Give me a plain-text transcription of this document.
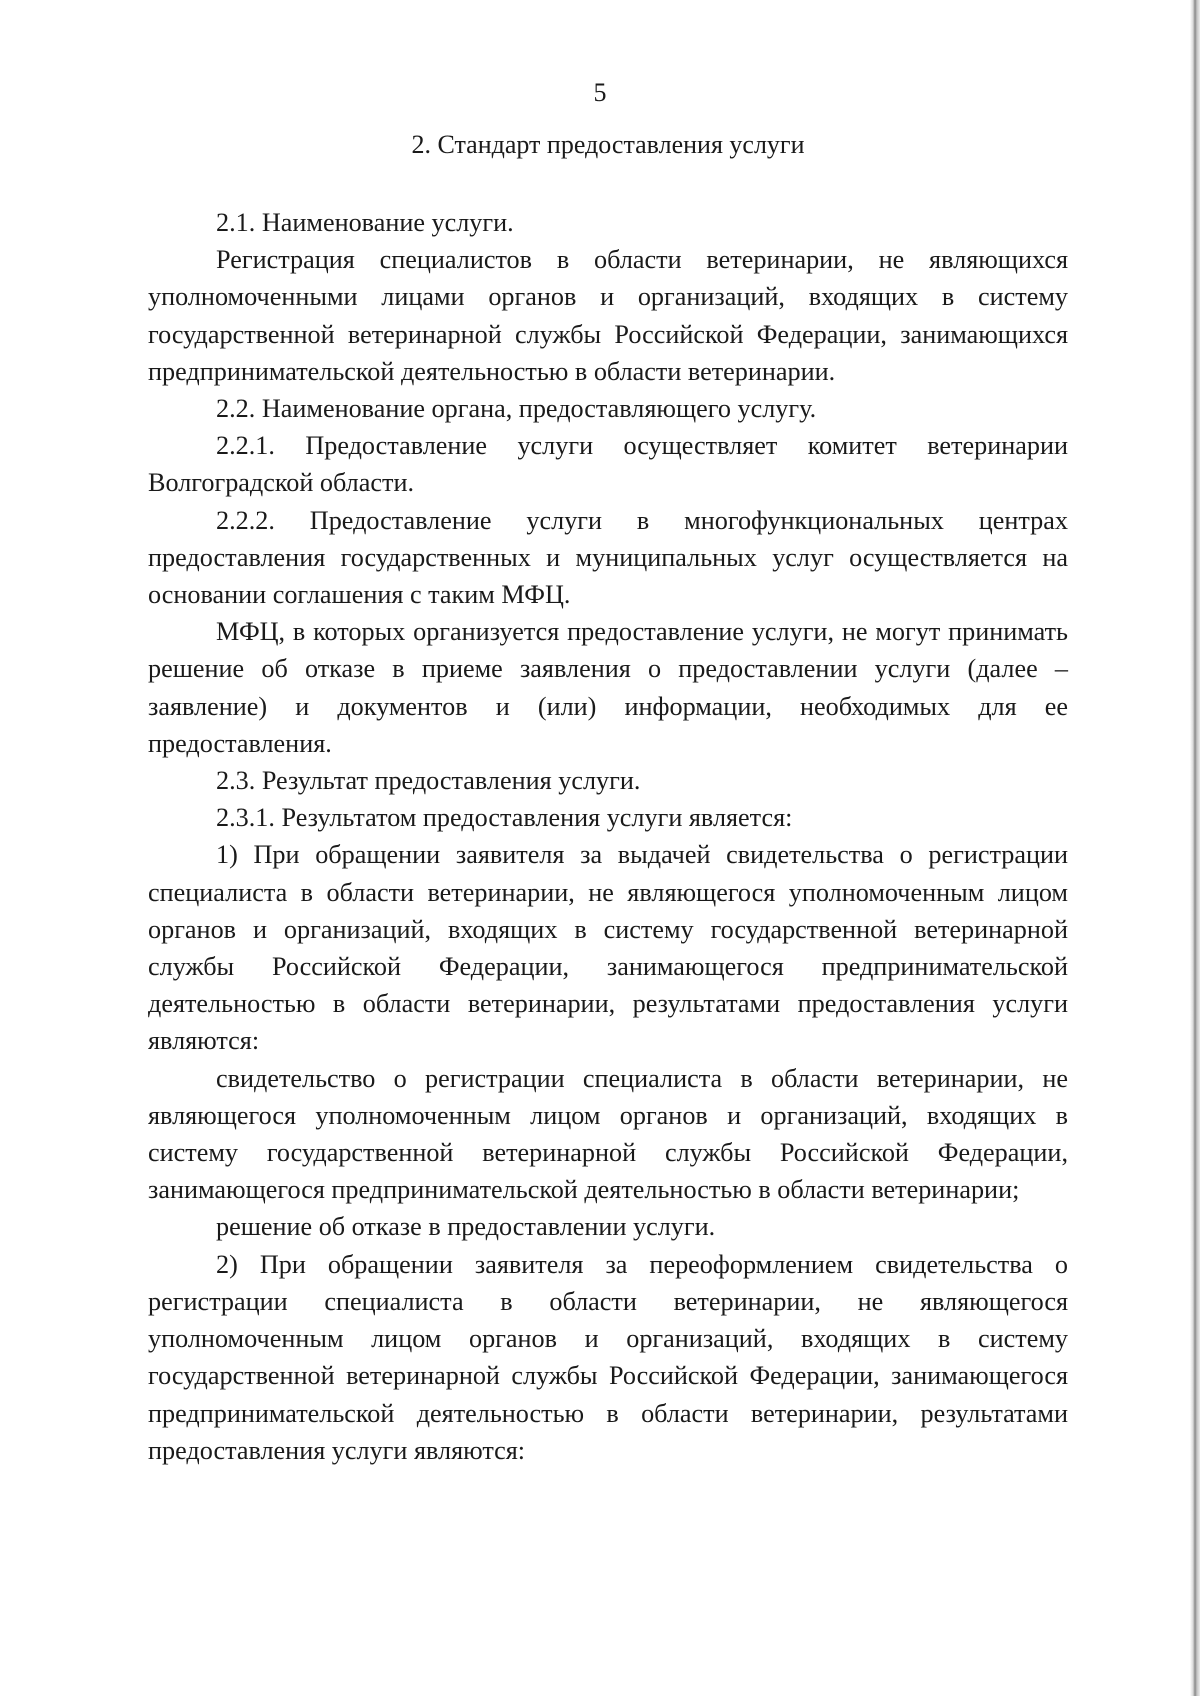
5
2. Стандарт предоставления услуги

2.1. Наименование услуги.

Регистрация специалистов в области ветеринарии, не являющихся уполномоченными лицами органов и организаций, входящих в систему государственной ветеринарной службы Российской Федерации, занимающихся предпринимательской деятельностью в области ветеринарии.

2.2. Наименование органа, предоставляющего услугу.

2.2.1. Предоставление услуги осуществляет комитет ветеринарии Волгоградской области.

2.2.2. Предоставление услуги в многофункциональных центрах предоставления государственных и муниципальных услуг осуществляется на основании соглашения с таким МФЦ.

МФЦ, в которых организуется предоставление услуги, не могут принимать решение об отказе в приеме заявления о предоставлении услуги (далее – заявление) и документов и (или) информации, необходимых для ее предоставления.

2.3. Результат предоставления услуги.

2.3.1. Результатом предоставления услуги является:

1) При обращении заявителя за выдачей свидетельства о регистрации специалиста в области ветеринарии, не являющегося уполномоченным лицом органов и организаций, входящих в систему государственной ветеринарной службы Российской Федерации, занимающегося предпринимательской деятельностью в области ветеринарии, результатами предоставления услуги являются:

свидетельство о регистрации специалиста в области ветеринарии, не являющегося уполномоченным лицом органов и организаций, входящих в систему государственной ветеринарной службы Российской Федерации, занимающегося предпринимательской деятельностью в области ветеринарии;

решение об отказе в предоставлении услуги.

2) При обращении заявителя за переоформлением свидетельства о регистрации специалиста в области ветеринарии, не являющегося уполномоченным лицом органов и организаций, входящих в систему государственной ветеринарной службы Российской Федерации, занимающегося предпринимательской деятельностью в области ветеринарии, результатами предоставления услуги являются:
